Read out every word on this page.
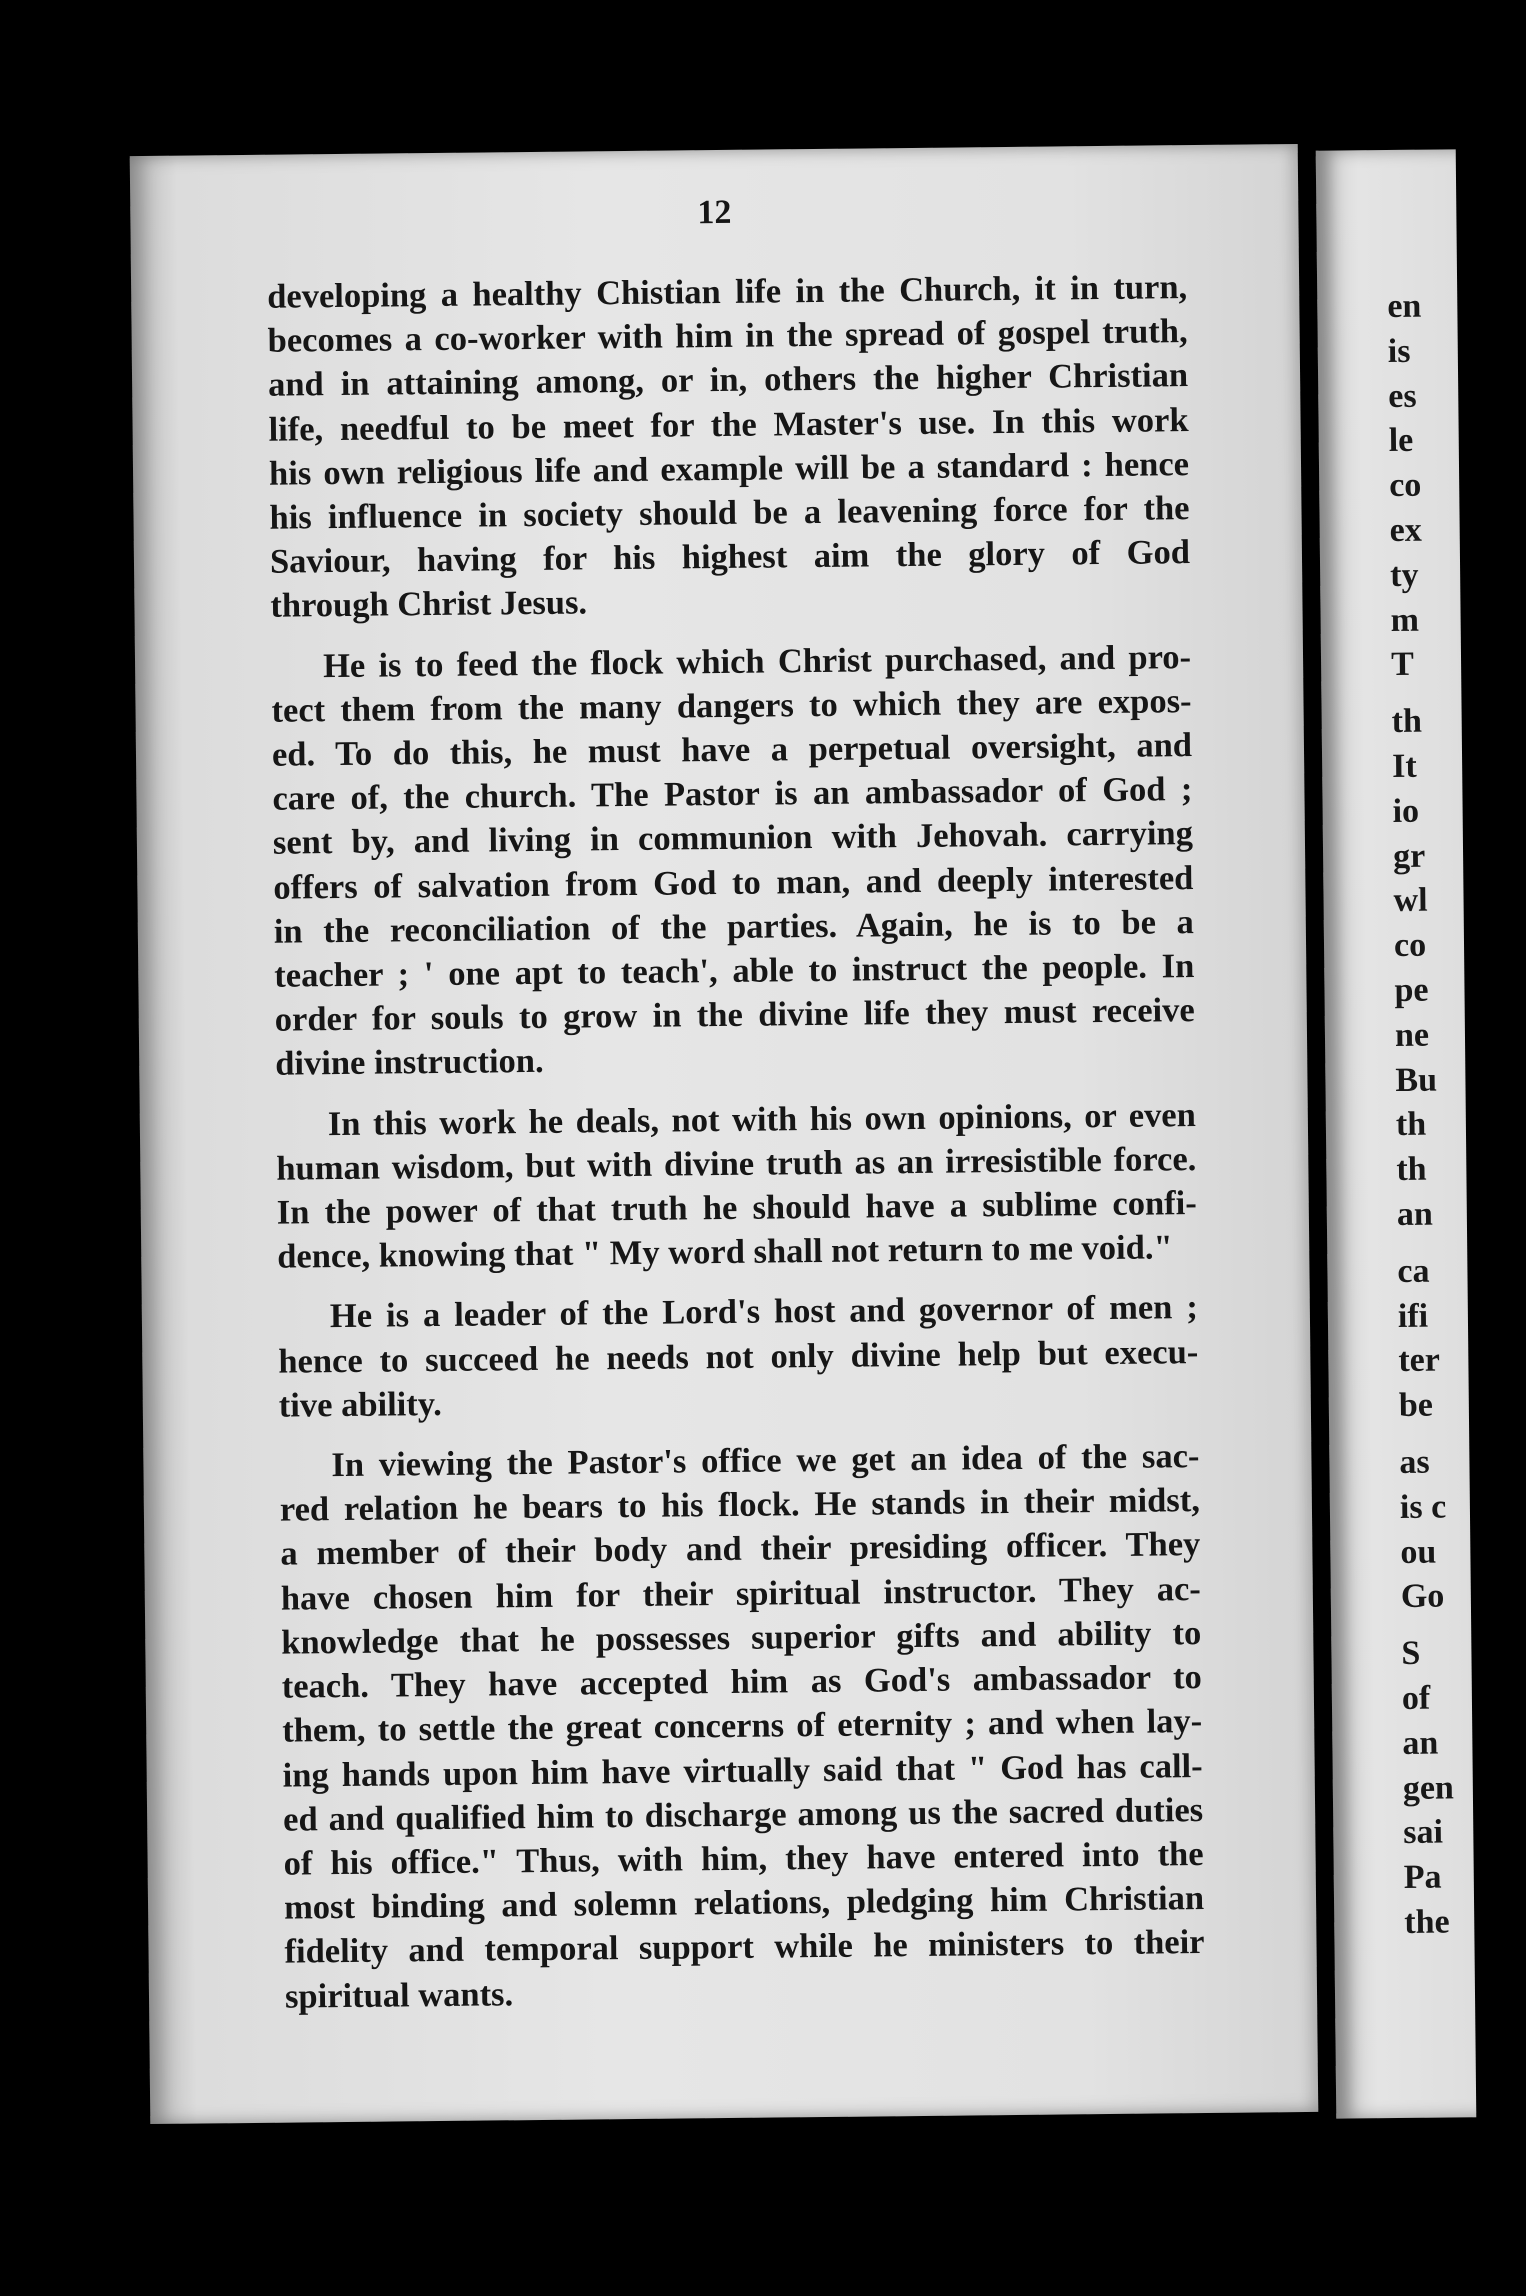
12

developing a healthy Chistian life in the Church, it in turn,
becomes a co-worker with him in the spread of gospel truth,
and in attaining among, or in, others the higher Christian
life, needful to be meet for the Master's use. In this work
his own religious life and example will be a standard : hence
his influence in society should be a leavening force for the
Saviour, having for his highest aim the glory of God
through Christ Jesus.

He is to feed the flock which Christ purchased, and pro-
tect them from the many dangers to which they are expos-
ed. To do this, he must have a perpetual oversight, and
care of, the church. The Pastor is an ambassador of God ;
sent by, and living in communion with Jehovah. carrying
offers of salvation from God to man, and deeply interested
in the reconciliation of the parties. Again, he is to be a
teacher ; ' one apt to teach', able to instruct the people. In
order for souls to grow in the divine life they must receive
divine instruction.

In this work he deals, not with his own opinions, or even
human wisdom, but with divine truth as an irresistible force.
In the power of that truth he should have a sublime confi-
dence, knowing that " My word shall not return to me void."

He is a leader of the Lord's host and governor of men ;
hence to succeed he needs not only divine help but execu-
tive ability.

In viewing the Pastor's office we get an idea of the sac-
red relation he bears to his flock. He stands in their midst,
a member of their body and their presiding officer. They
have chosen him for their spiritual instructor. They ac-
knowledge that he possesses superior gifts and ability to
teach. They have accepted him as God's ambassador to
them, to settle the great concerns of eternity ; and when lay-
ing hands upon him have virtually said that " God has call-
ed and qualified him to discharge among us the sacred duties
of his office." Thus, with him, they have entered into the
most binding and solemn relations, pledging him Christian
fidelity and temporal support while he ministers to their
spiritual wants.

en
is
es
le
co
ex
ty
m
T
th
It
io
gr
wl
co
pe
ne
Bu
th
th
an
ca
ifi
ter
be
as
is c
ou
Go
S
of
an
gen
sai
Pa
the
